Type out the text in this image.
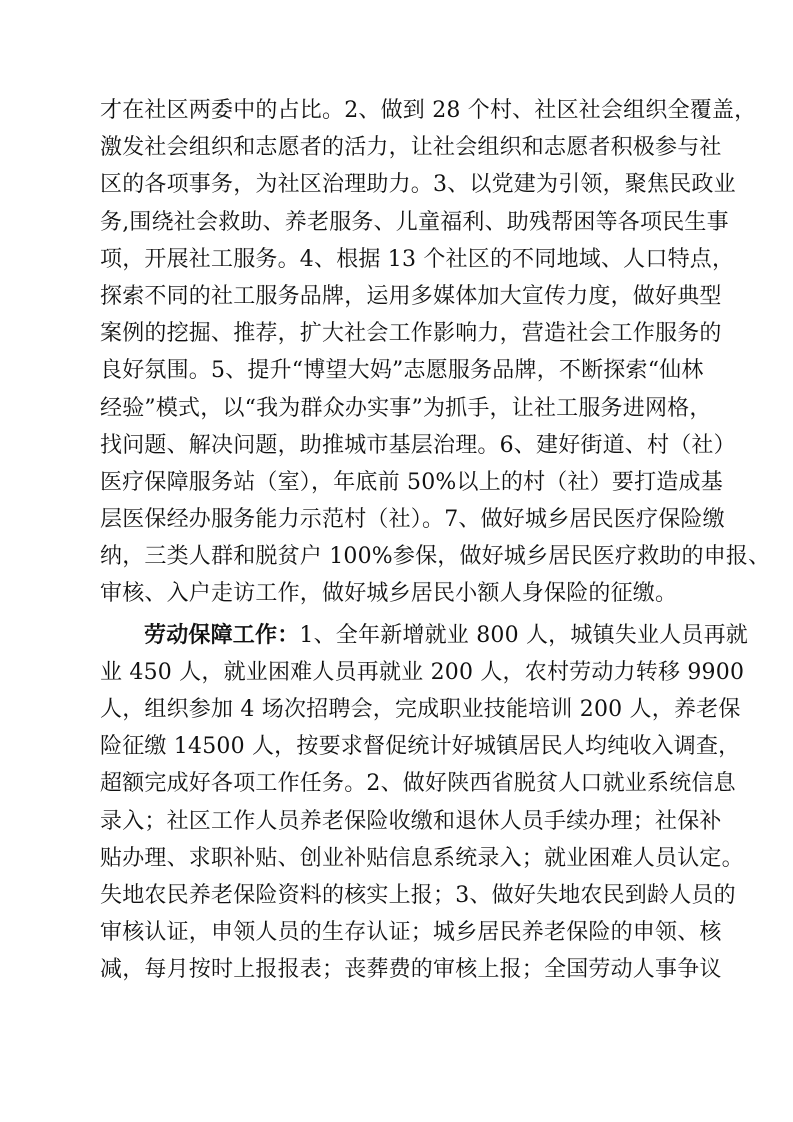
才在社区两委中的占比。2、做到 28 个村、社区社会组织全覆盖，
激发社会组织和志愿者的活力，让社会组织和志愿者积极参与社
区的各项事务，为社区治理助力。3、以党建为引领，聚焦民政业
务,围绕社会救助、养老服务、儿童福利、助残帮困等各项民生事
项，开展社工服务。4、根据 13 个社区的不同地域、人口特点，
探索不同的社工服务品牌，运用多媒体加大宣传力度，做好典型
案例的挖掘、推荐，扩大社会工作影响力，营造社会工作服务的
良好氛围。5、提升“博望大妈”志愿服务品牌，不断探索“仙林
经验”模式，以“我为群众办实事”为抓手，让社工服务进网格，
找问题、解决问题，助推城市基层治理。6、建好街道、村（社）
医疗保障服务站（室），年底前 50%以上的村（社）要打造成基
层医保经办服务能力示范村（社）。7、做好城乡居民医疗保险缴
纳，三类人群和脱贫户 100%参保，做好城乡居民医疗救助的申报、
审核、入户走访工作，做好城乡居民小额人身保险的征缴。
劳动保障工作：1、全年新增就业 800 人，城镇失业人员再就
业 450 人，就业困难人员再就业 200 人，农村劳动力转移 9900
人，组织参加 4 场次招聘会，完成职业技能培训 200 人，养老保
险征缴 14500 人，按要求督促统计好城镇居民人均纯收入调查，
超额完成好各项工作任务。2、做好陕西省脱贫人口就业系统信息
录入；社区工作人员养老保险收缴和退休人员手续办理；社保补
贴办理、求职补贴、创业补贴信息系统录入；就业困难人员认定。
失地农民养老保险资料的核实上报；3、做好失地农民到龄人员的
审核认证，申领人员的生存认证；城乡居民养老保险的申领、核
减，每月按时上报报表；丧葬费的审核上报；全国劳动人事争议
